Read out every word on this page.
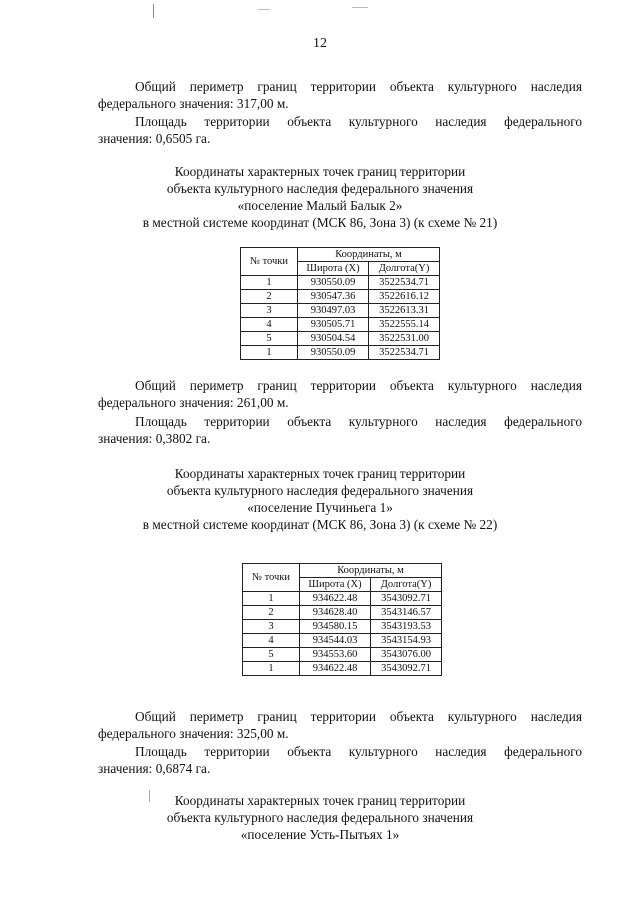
12
Общий периметр границ территории объекта культурного наследия
федерального значения: 317,00 м.
Площадь территории объекта культурного наследия федерального
значения: 0,6505 га.
Координаты характерных точек границ территории
объекта культурного наследия федерального значения
«поселение Малый Балык 2»
в местной системе координат (МСК 86, Зона 3) (к схеме № 21)
№ точки	Координаты, м	
	Широта (X)	Долгота(Y)
1	930550.09	3522534.71
2	930547.36	3522616.12
3	930497.03	3522613.31
4	930505.71	3522555.14
5	930504.54	3522531.00
1	930550.09	3522534.71
Общий периметр границ территории объекта культурного наследия
федерального значения: 261,00 м.
Площадь территории объекта культурного наследия федерального
значения: 0,3802 га.
Координаты характерных точек границ территории
объекта культурного наследия федерального значения
«поселение Пучиньега 1»
в местной системе координат (МСК 86, Зона 3) (к схеме № 22)
№ точки	Координаты, м	
	Широта (X)	Долгота(Y)
1	934622.48	3543092.71
2	934628.40	3543146.57
3	934580.15	3543193.53
4	934544.03	3543154.93
5	934553.60	3543076.00
1	934622.48	3543092.71
Общий периметр границ территории объекта культурного наследия
федерального значения: 325,00 м.
Площадь территории объекта культурного наследия федерального
значения: 0,6874 га.
Координаты характерных точек границ территории
объекта культурного наследия федерального значения
«поселение Усть-Пытьях 1»
